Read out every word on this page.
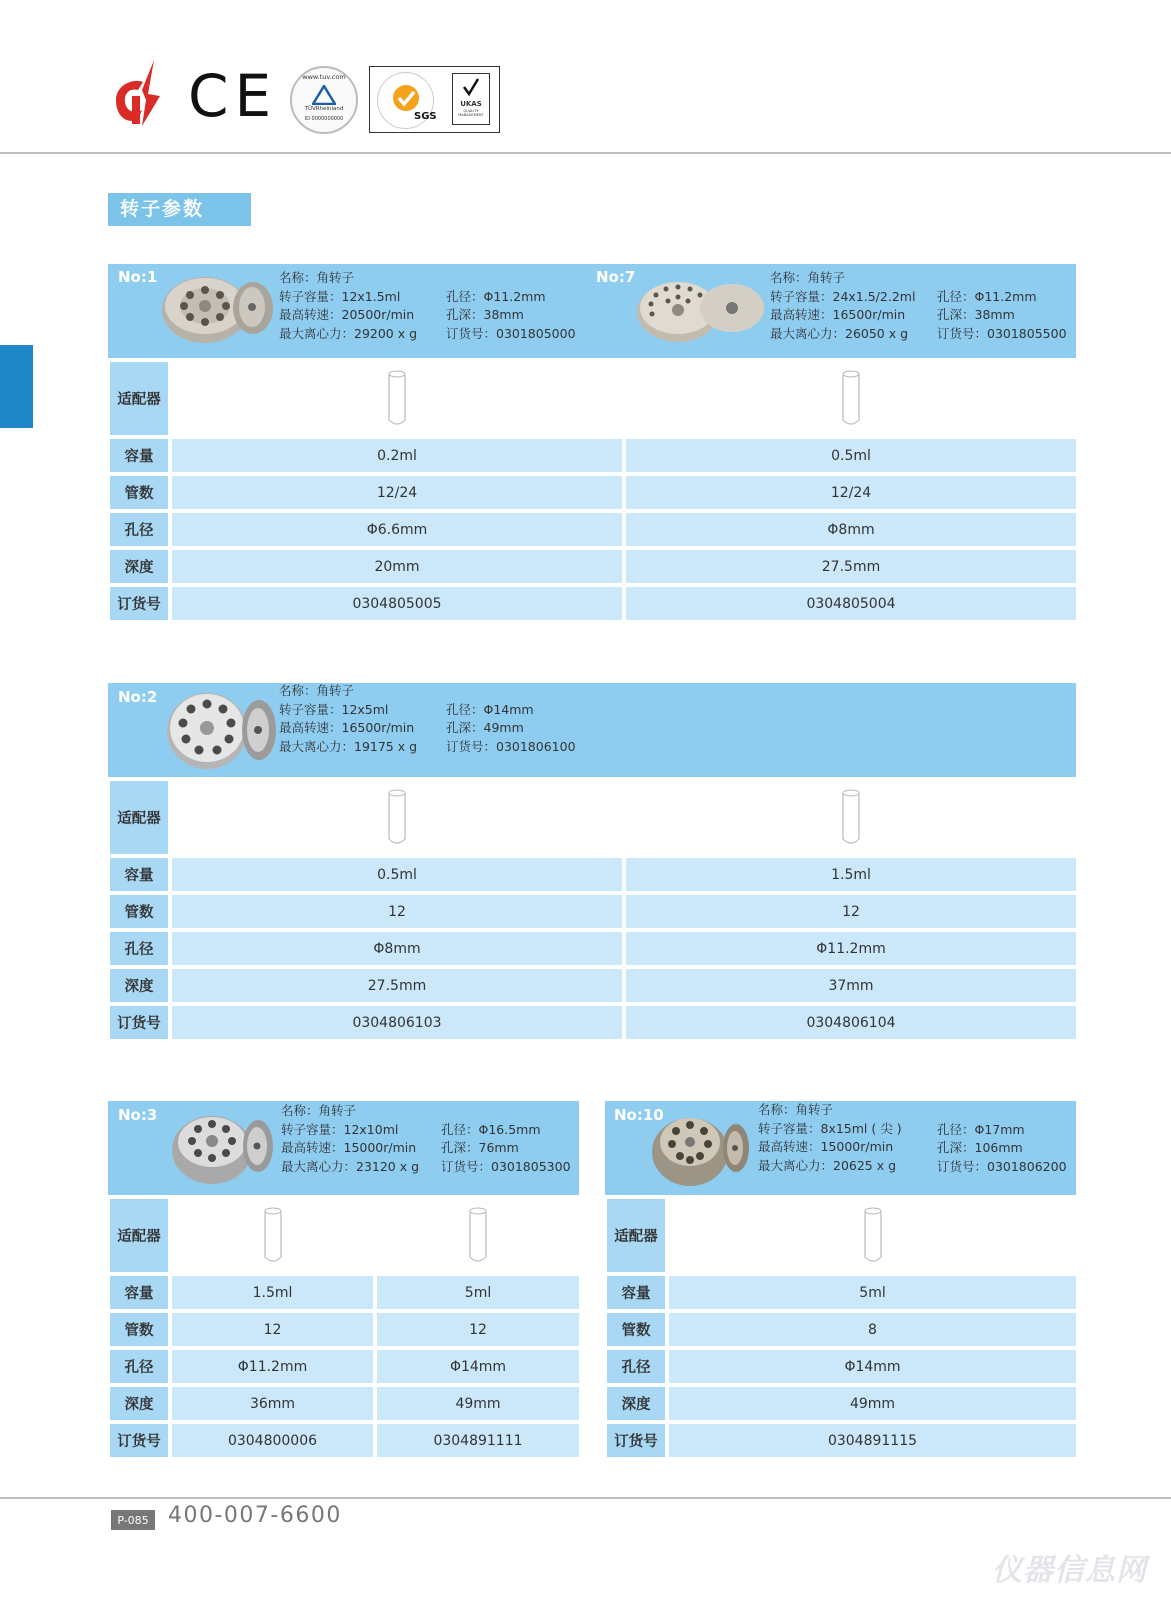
CE	www.tuv.com
TÜVRheinland
ID 0000000000	SGS
UKAS
QUALITY MANAGEMENT
转子参数
No:1	名称：角转子
转子容量：12x1.5ml
最高转速：20500r/min
最大离心力：29200 x g
孔径：Φ11.2mm
孔深：38mm
订货号：0301805000
No:7	名称：角转子
转子容量：24x1.5/2.2ml
最高转速：16500r/min
最大离心力：26050 x g
孔径：Φ11.2mm
孔深：38mm
订货号：0301805500
适配器
容量	0.2ml	0.5ml
管数	12/24	12/24
孔径	Φ6.6mm	Φ8mm
深度	20mm	27.5mm
订货号	0304805005	0304805004
No:2	名称：角转子
转子容量：12x5ml
最高转速：16500r/min
最大离心力：19175 x g
孔径：Φ14mm
孔深：49mm
订货号：0301806100
适配器
容量	0.5ml	1.5ml
管数	12	12
孔径	Φ8mm	Φ11.2mm
深度	27.5mm	37mm
订货号	0304806103	0304806104
No:3	名称：角转子
转子容量：12x10ml
最高转速：15000r/min
最大离心力：23120 x g
孔径：Φ16.5mm
孔深：76mm
订货号：0301805300
适配器
容量	1.5ml	5ml
管数	12	12
孔径	Φ11.2mm	Φ14mm
深度	36mm	49mm
订货号	0304800006	0304891111
No:10	名称：角转子
转子容量：8x15ml ( 尖 )
最高转速：15000r/min
最大离心力：20625 x g
孔径：Φ17mm
孔深：106mm
订货号：0301806200
适配器
容量	5ml
管数	8
孔径	Φ14mm
深度	49mm
订货号	0304891115
P-085 400-007-6600
仪器信息网
